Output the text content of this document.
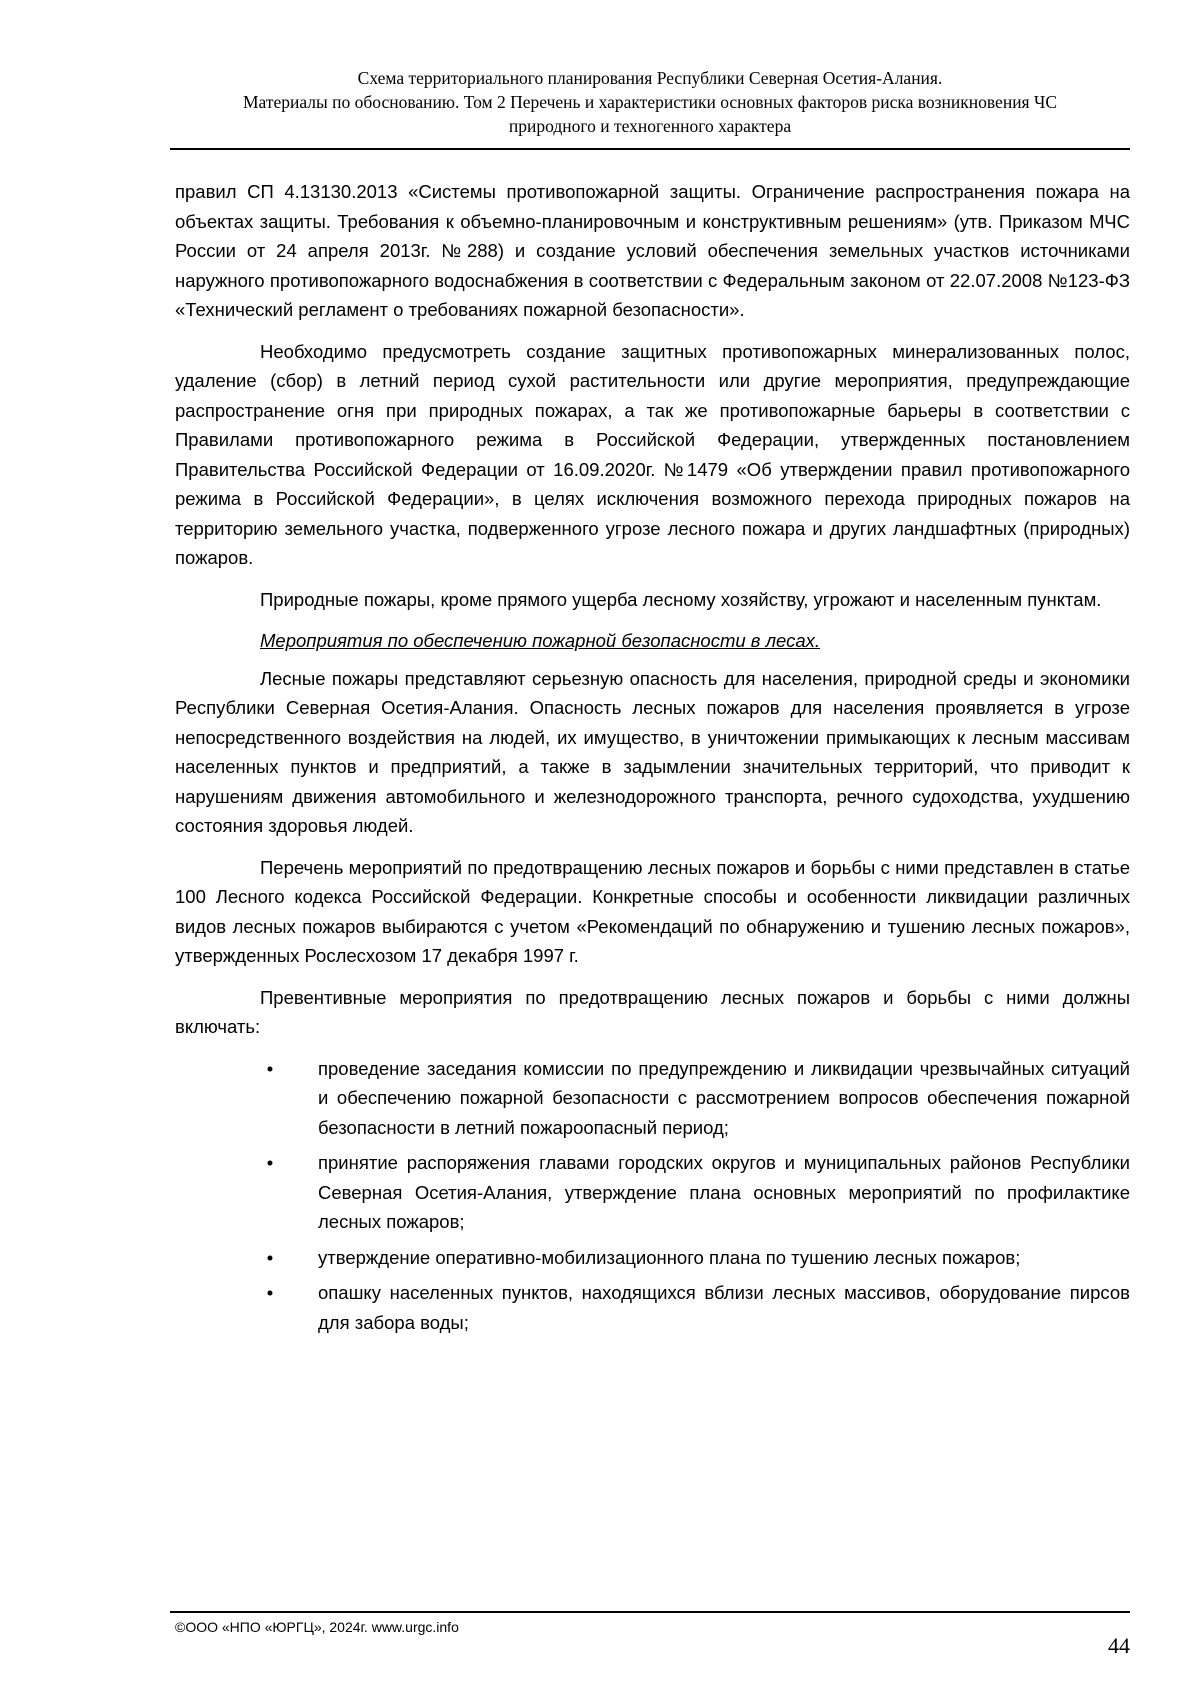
Схема территориального планирования Республики Северная Осетия-Алания.
Материалы по обоснованию. Том 2 Перечень и характеристики основных факторов риска возникновения ЧС
природного и техногенного характера

правил СП 4.13130.2013 «Системы противопожарной защиты. Ограничение распространения пожара на объектах защиты. Требования к объемно-планировочным и конструктивным решениям» (утв. Приказом МЧС России от 24 апреля 2013г. №288) и создание условий обеспечения земельных участков источниками наружного противопожарного водоснабжения в соответствии с Федеральным законом от 22.07.2008 №123-ФЗ «Технический регламент о требованиях пожарной безопасности».

Необходимо предусмотреть создание защитных противопожарных минерализованных полос, удаление (сбор) в летний период сухой растительности или другие мероприятия, предупреждающие распространение огня при природных пожарах, а так же противопожарные барьеры в соответствии с Правилами противопожарного режима в Российской Федерации, утвержденных постановлением Правительства Российской Федерации от 16.09.2020г. №1479 «Об утверждении правил противопожарного режима в Российской Федерации», в целях исключения возможного перехода природных пожаров на территорию земельного участка, подверженного угрозе лесного пожара и других ландшафтных (природных) пожаров.

Природные пожары, кроме прямого ущерба лесному хозяйству, угрожают и населенным пунктам.

Мероприятия по обеспечению пожарной безопасности в лесах.

Лесные пожары представляют серьезную опасность для населения, природной среды и экономики Республики Северная Осетия-Алания. Опасность лесных пожаров для населения проявляется в угрозе непосредственного воздействия на людей, их имущество, в уничтожении примыкающих к лесным массивам населенных пунктов и предприятий, а также в задымлении значительных территорий, что приводит к нарушениям движения автомобильного и железнодорожного транспорта, речного судоходства, ухудшению состояния здоровья людей.

Перечень мероприятий по предотвращению лесных пожаров и борьбы с ними представлен в статье 100 Лесного кодекса Российской Федерации. Конкретные способы и особенности ликвидации различных видов лесных пожаров выбираются с учетом «Рекомендаций по обнаружению и тушению лесных пожаров», утвержденных Рослесхозом 17 декабря 1997 г.

Превентивные мероприятия по предотвращению лесных пожаров и борьбы с ними должны включать:

•	проведение заседания комиссии по предупреждению и ликвидации чрезвычайных ситуаций и обеспечению пожарной безопасности с рассмотрением вопросов обеспечения пожарной безопасности в летний пожароопасный период;
•	принятие распоряжения главами городских округов и муниципальных районов Республики Северная Осетия-Алания, утверждение плана основных мероприятий по профилактике лесных пожаров;
•	утверждение оперативно-мобилизационного плана по тушению лесных пожаров;
•	опашку населенных пунктов, находящихся вблизи лесных массивов, оборудование пирсов для забора воды;
©ООО «НПО «ЮРГЦ», 2024г. www.urgc.info
44
